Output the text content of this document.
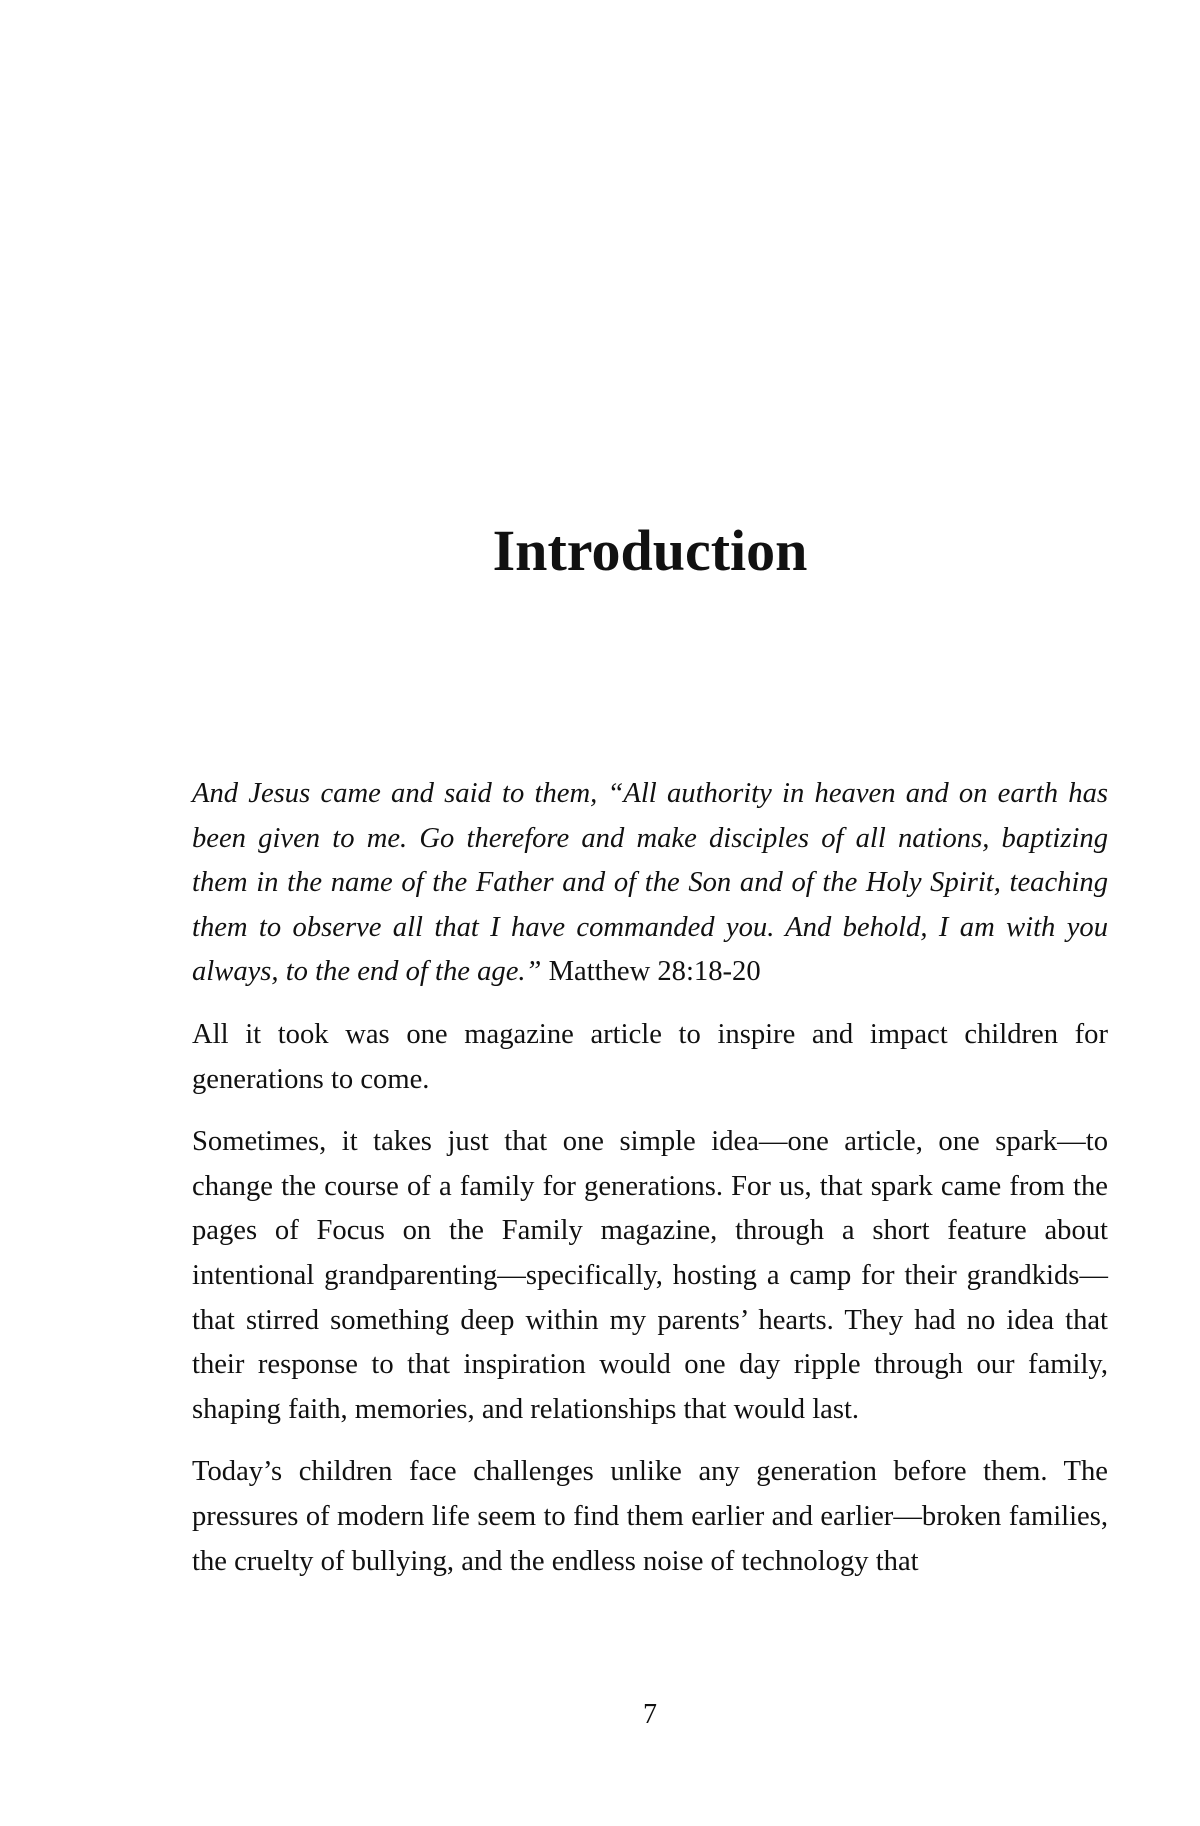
Introduction

And Jesus came and said to them, “All authority in heaven and on earth has been given to me. Go therefore and make disciples of all nations, baptizing them in the name of the Father and of the Son and of the Holy Spirit, teaching them to observe all that I have commanded you. And behold, I am with you always, to the end of the age.” Matthew 28:18-20

All it took was one magazine article to inspire and impact children for generations to come.

Sometimes, it takes just that one simple idea—one article, one spark—to change the course of a family for generations. For us, that spark came from the pages of Focus on the Family magazine, through a short feature about intentional grandparenting—specifically, hosting a camp for their grandkids—that stirred something deep within my parents’ hearts. They had no idea that their response to that inspiration would one day ripple through our family, shaping faith, memories, and relationships that would last.

Today’s children face challenges unlike any generation before them. The pressures of modern life seem to find them earlier and earlier—broken families, the cruelty of bullying, and the endless noise of technology that

7
